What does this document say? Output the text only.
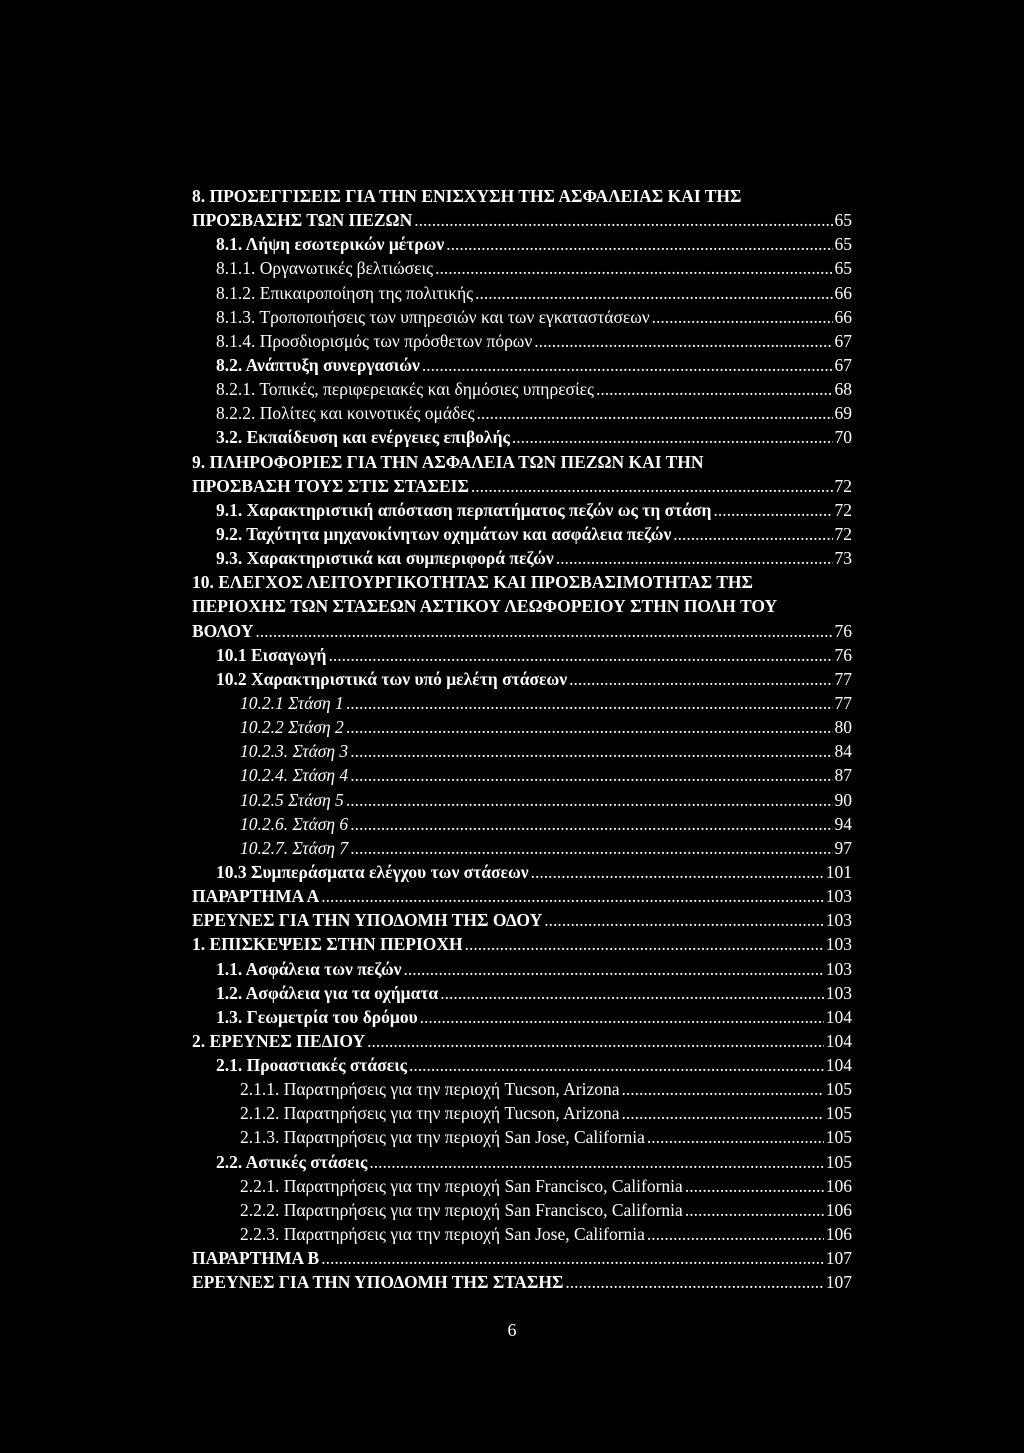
8. ΠΡΟΣΕΓΓΙΣΕΙΣ ΓΙΑ ΤΗΝ ΕΝΙΣΧΥΣΗ ΤΗΣ ΑΣΦΑΛΕΙΑΣ ΚΑΙ ΤΗΣ
ΠΡΟΣΒΑΣΗΣ ΤΩΝ ΠΕΖΩΝ .....	65
8.1. Λήψη εσωτερικών μέτρων .....	65
8.1.1. Οργανωτικές βελτιώσεις .....	65
8.1.2. Επικαιροποίηση της πολιτικής .....	66
8.1.3. Τροποποιήσεις των υπηρεσιών και των εγκαταστάσεων .....	66
8.1.4. Προσδιορισμός των πρόσθετων πόρων .....	67
8.2. Ανάπτυξη συνεργασιών .....	67
8.2.1. Τοπικές, περιφερειακές και δημόσιες υπηρεσίες .....	68
8.2.2. Πολίτες και κοινοτικές ομάδες .....	69
3.2. Εκπαίδευση και ενέργειες επιβολής .....	70
9. ΠΛΗΡΟΦΟΡΙΕΣ ΓΙΑ ΤΗΝ ΑΣΦΑΛΕΙΑ ΤΩΝ ΠΕΖΩΝ ΚΑΙ ΤΗΝ
ΠΡΟΣΒΑΣΗ ΤΟΥΣ ΣΤΙΣ ΣΤΑΣΕΙΣ .....	72
9.1. Χαρακτηριστική απόσταση περπατήματος πεζών ως τη στάση .....	72
9.2. Ταχύτητα μηχανοκίνητων οχημάτων και ασφάλεια πεζών .....	72
9.3. Χαρακτηριστικά και συμπεριφορά πεζών .....	73
10. ΕΛΕΓΧΟΣ ΛΕΙΤΟΥΡΓΙΚΟΤΗΤΑΣ ΚΑΙ ΠΡΟΣΒΑΣΙΜΟΤΗΤΑΣ ΤΗΣ
ΠΕΡΙΟΧΗΣ ΤΩΝ ΣΤΑΣΕΩΝ ΑΣΤΙΚΟΥ ΛΕΩΦΟΡΕΙΟΥ ΣΤΗΝ ΠΟΛΗ ΤΟΥ
ΒΟΛΟΥ .....	76
10.1 Εισαγωγή .....	76
10.2 Χαρακτηριστικά των υπό μελέτη στάσεων .....	77
10.2.1 Στάση 1 .....	77
10.2.2 Στάση 2 .....	80
10.2.3. Στάση 3 .....	84
10.2.4. Στάση 4 .....	87
10.2.5 Στάση 5 .....	90
10.2.6. Στάση 6 .....	94
10.2.7. Στάση 7 .....	97
10.3 Συμπεράσματα ελέγχου των στάσεων .....	101
ΠΑΡΑΡΤΗΜΑ Α .....	103
ΕΡΕΥΝΕΣ ΓΙΑ ΤΗΝ ΥΠΟΔΟΜΗ ΤΗΣ ΟΔΟΥ .....	103
1. ΕΠΙΣΚΕΨΕΙΣ ΣΤΗΝ ΠΕΡΙΟΧΗ .....	103
1.1. Ασφάλεια των πεζών .....	103
1.2. Ασφάλεια για τα οχήματα .....	103
1.3. Γεωμετρία του δρόμου .....	104
2. ΕΡΕΥΝΕΣ ΠΕΔΙΟΥ .....	104
2.1. Προαστιακές στάσεις .....	104
2.1.1. Παρατηρήσεις για την περιοχή Tucson, Arizona .....	105
2.1.2. Παρατηρήσεις για την περιοχή Tucson, Arizona .....	105
2.1.3. Παρατηρήσεις για την περιοχή San Jose, California .....	105
2.2. Αστικές στάσεις .....	105
2.2.1. Παρατηρήσεις για την περιοχή San Francisco, California .....	106
2.2.2. Παρατηρήσεις για την περιοχή San Francisco, California .....	106
2.2.3. Παρατηρήσεις για την περιοχή San Jose, California .....	106
ΠΑΡΑΡΤΗΜΑ Β .....	107
ΕΡΕΥΝΕΣ ΓΙΑ ΤΗΝ ΥΠΟΔΟΜΗ ΤΗΣ ΣΤΑΣΗΣ .....	107
6
